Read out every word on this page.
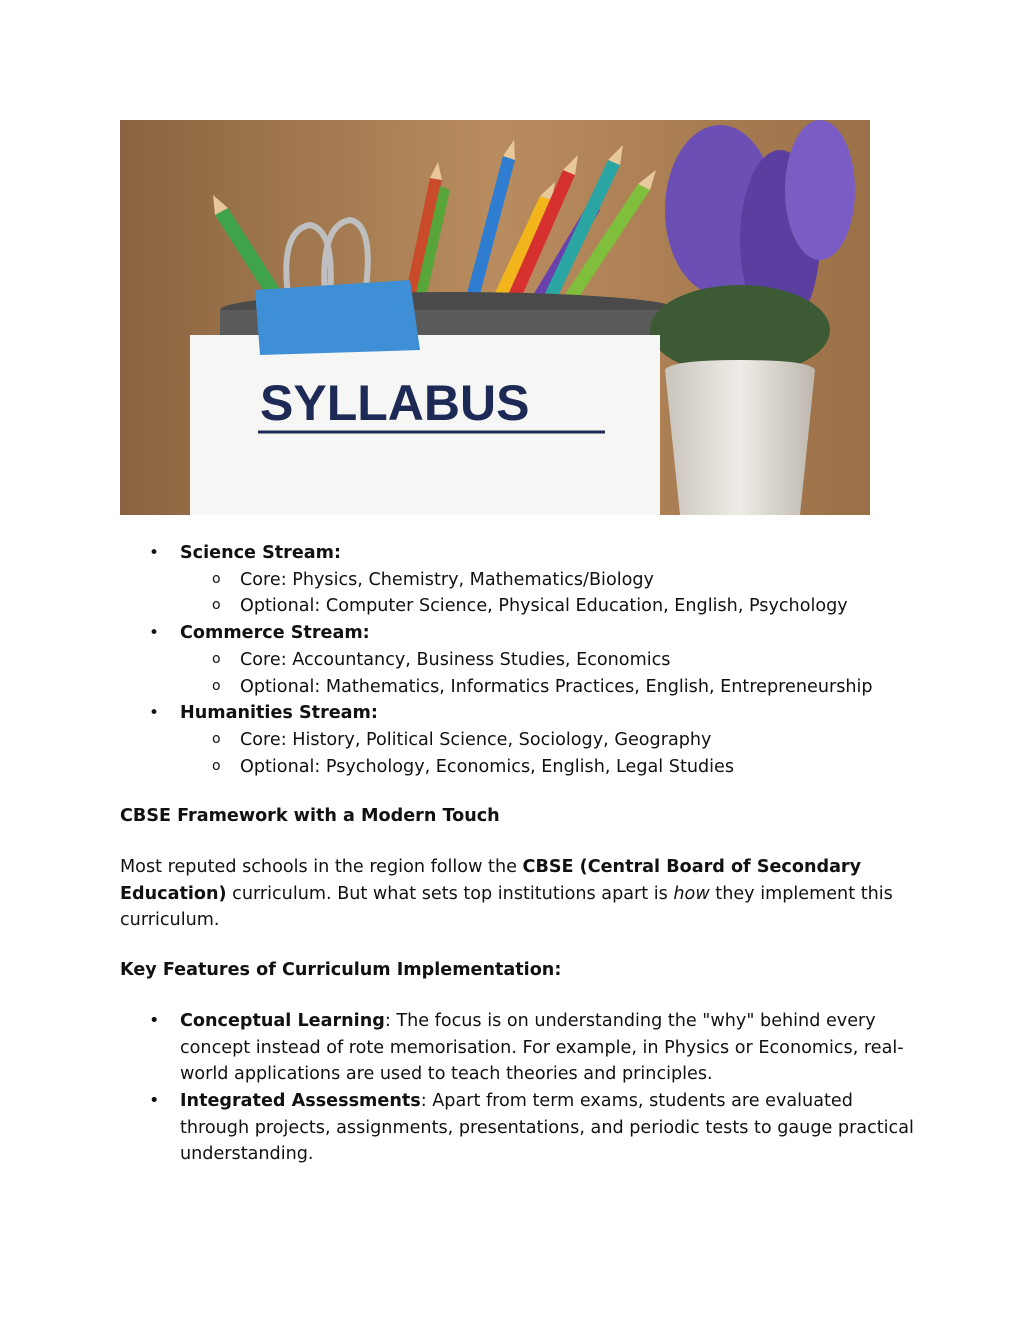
SYLLABUS
• Science Stream:
o Core: Physics, Chemistry, Mathematics/Biology
o Optional: Computer Science, Physical Education, English, Psychology
• Commerce Stream:
o Core: Accountancy, Business Studies, Economics
o Optional: Mathematics, Informatics Practices, English, Entrepreneurship
• Humanities Stream:
o Core: History, Political Science, Sociology, Geography
o Optional: Psychology, Economics, English, Legal Studies

CBSE Framework with a Modern Touch

Most reputed schools in the region follow the CBSE (Central Board of Secondary Education) curriculum. But what sets top institutions apart is how they implement this curriculum.

Key Features of Curriculum Implementation:

• Conceptual Learning: The focus is on understanding the "why" behind every concept instead of rote memorisation. For example, in Physics or Economics, real-world applications are used to teach theories and principles.
• Integrated Assessments: Apart from term exams, students are evaluated through projects, assignments, presentations, and periodic tests to gauge practical understanding.
